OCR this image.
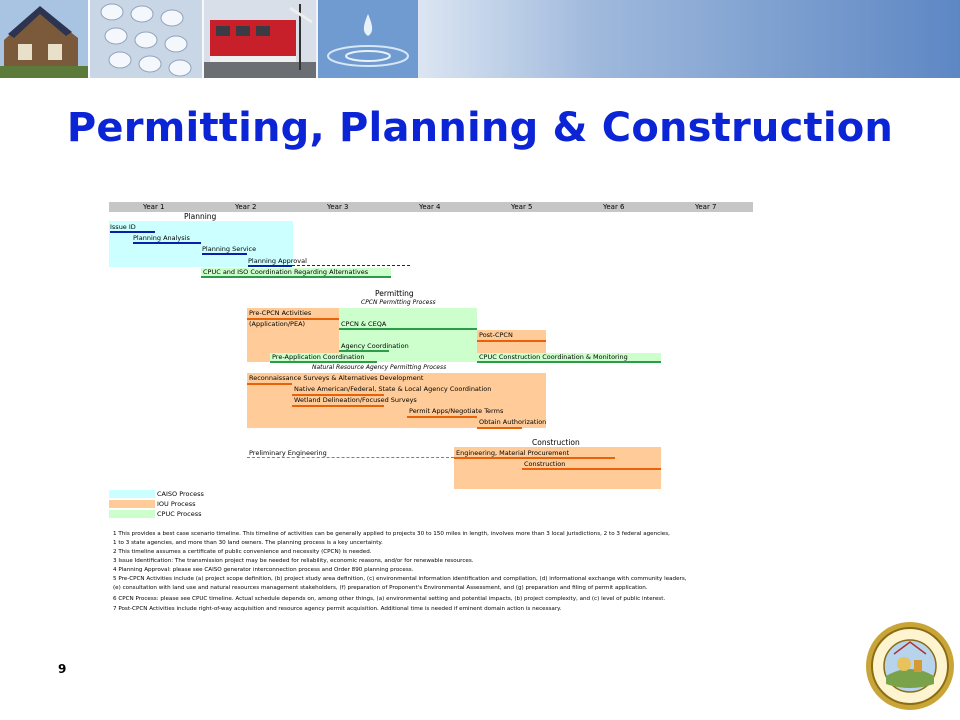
Permitting, Planning & Construction
Year 1	Year 2	Year 3	Year 4	Year 5	Year 6	Year 7
Planning
Issue ID
Planning Analysis
Planning Service
Planning Approval
CPUC and ISO Coordination Regarding Alternatives
Permitting
CPCN Permitting Process
Pre-CPCN Activities
(Application/PEA)	CPCN & CEQA
Post-CPCN
Agency Coordination
Pre-Application Coordination	CPUC Construction Coordination & Monitoring
Natural Resource Agency Permitting Process
Reconnaissance Surveys & Alternatives Development
Native American/Federal, State & Local Agency Coordination
Wetland Delineation/Focused Surveys
Permit Apps/Negotiate Terms
Obtain Authorization
Construction
Preliminary Engineering	Engineering, Material Procurement
Construction
CAISO Process
IOU Process
CPUC Process
1 This provides a best case scenario timeline. This timeline of activities can be generally applied to projects 30 to 150 miles in length, involves more than 3 local jurisdictions, 2 to 3 federal agencies,
1 to 3 state agencies, and more than 30 land owners. The planning process is a key uncertainty.
2 This timeline assumes a certificate of public convenience and necessity (CPCN) is needed.
3 Issue Identification: The transmission project may be needed for reliability, economic reasons, and/or for renewable resources.
4 Planning Approval: please see CAISO generator interconnection process and Order 890 planning process.
5 Pre-CPCN Activities include (a) project scope definition, (b) project study area definition, (c) environmental information identification and compilation, (d) informational exchange with community leaders,
(e) consultation with land use and natural resources management stakeholders, (f) preparation of Proponent's Environmental Assessment, and (g) preparation and filing of permit application.
6 CPCN Process: please see CPUC timeline. Actual schedule depends on, among other things, (a) environmental setting and potential impacts, (b) project complexity, and (c) level of public interest.
7 Post-CPCN Activities include right-of-way acquisition and resource agency permit acquisition. Additional time is needed if eminent domain action is necessary.
9
